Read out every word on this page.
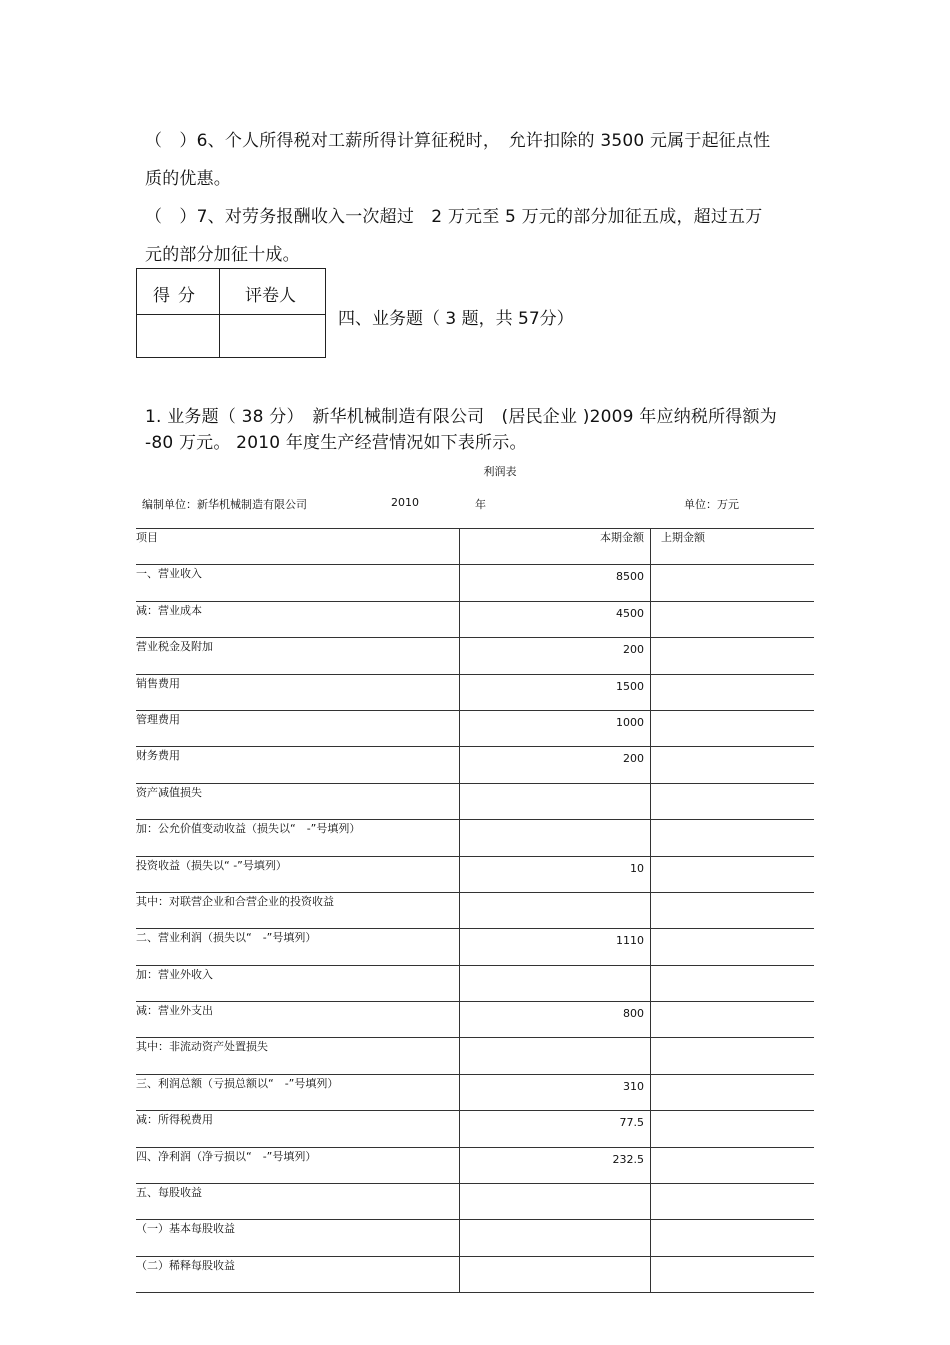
（　）6、个人所得税对工薪所得计算征税时，　允许扣除的 3500 元属于起征点性
质的优惠。
（　）7、对劳务报酬收入一次超过　2 万元至 5 万元的部分加征五成，超过五万
元的部分加征十成。
得分 评卷人
四、业务题（ 3 题，共 57分）
1. 业务题（ 38 分）　新华机械制造有限公司　(居民企业 )2009 年应纳税所得额为
-80 万元。 2010 年度生产经营情况如下表所示。
利润表
编制单位：新华机械制造有限公司	2010	年	单位：万元
项目	本期金额	上期金额
一、营业收入	8500	
减：营业成本	4500	
营业税金及附加	200	
销售费用	1500	
管理费用	1000	
财务费用	200	
资产减值损失		
加：公允价值变动收益（损失以“　-”号填列）		
投资收益（损失以“ -”号填列）	10	
其中：对联营企业和合营企业的投资收益		
二、营业利润（损失以“　-”号填列）	1110	
加：营业外收入		
减：营业外支出	800	
其中：非流动资产处置损失		
三、利润总额（亏损总额以“　-”号填列）	310	
减：所得税费用	77.5	
四、净利润（净亏损以“　-”号填列）	232.5	
五、每股收益		
（一）基本每股收益		
（二）稀释每股收益		
